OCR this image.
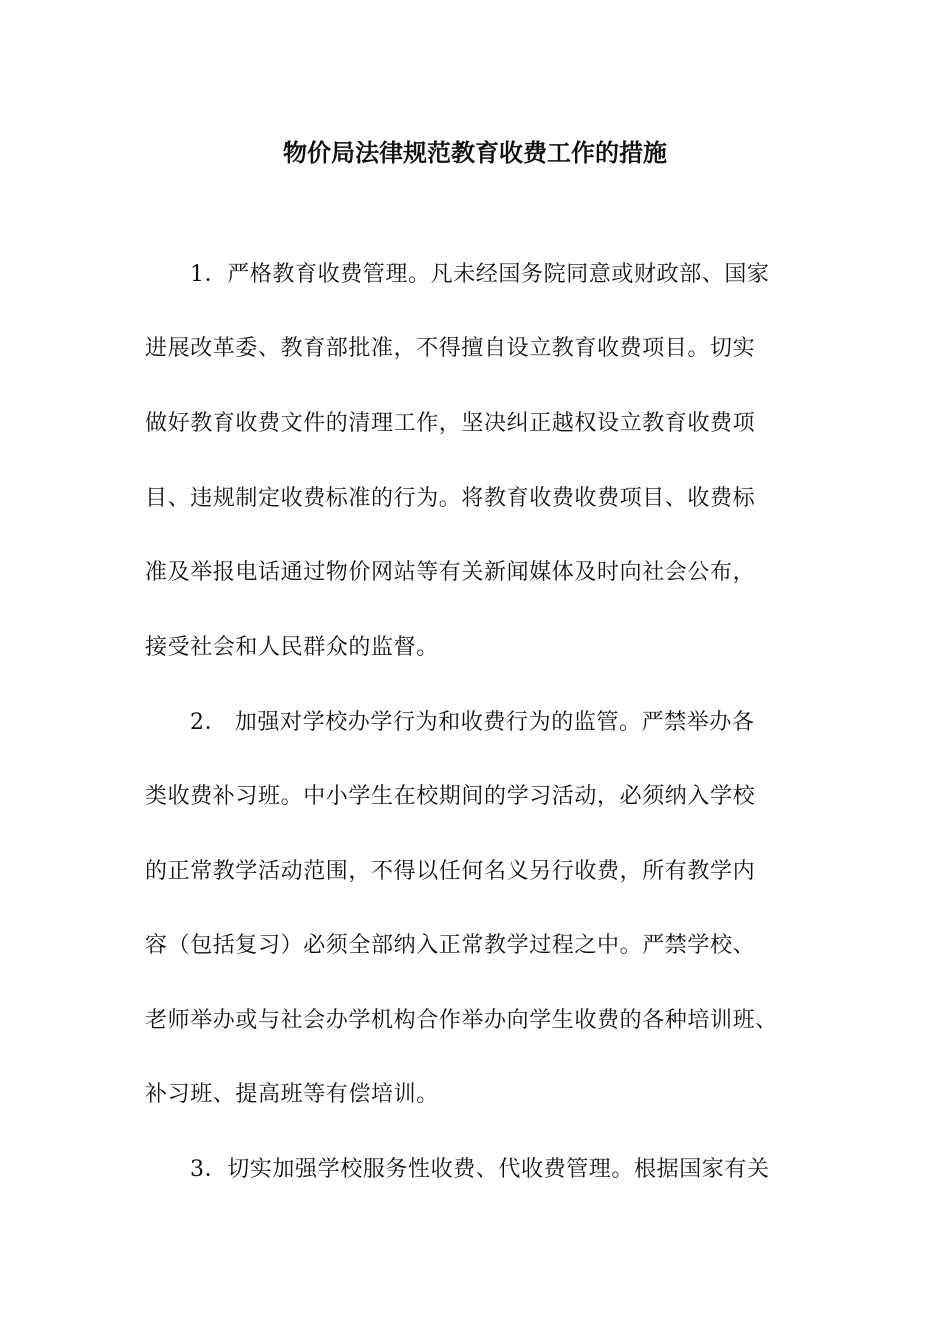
物价局法律规范教育收费工作的措施
1．严格教育收费管理。凡未经国务院同意或财政部、国家
进展改革委、教育部批准，不得擅自设立教育收费项目。切实
做好教育收费文件的清理工作，坚决纠正越权设立教育收费项
目、违规制定收费标准的行为。将教育收费收费项目、收费标
准及举报电话通过物价网站等有关新闻媒体及时向社会公布，
接受社会和人民群众的监督。
2． 加强对学校办学行为和收费行为的监管。严禁举办各
类收费补习班。中小学生在校期间的学习活动，必须纳入学校
的正常教学活动范围，不得以任何名义另行收费，所有教学内
容（包括复习）必须全部纳入正常教学过程之中。严禁学校、
老师举办或与社会办学机构合作举办向学生收费的各种培训班、
补习班、提高班等有偿培训。
3．切实加强学校服务性收费、代收费管理。根据国家有关
